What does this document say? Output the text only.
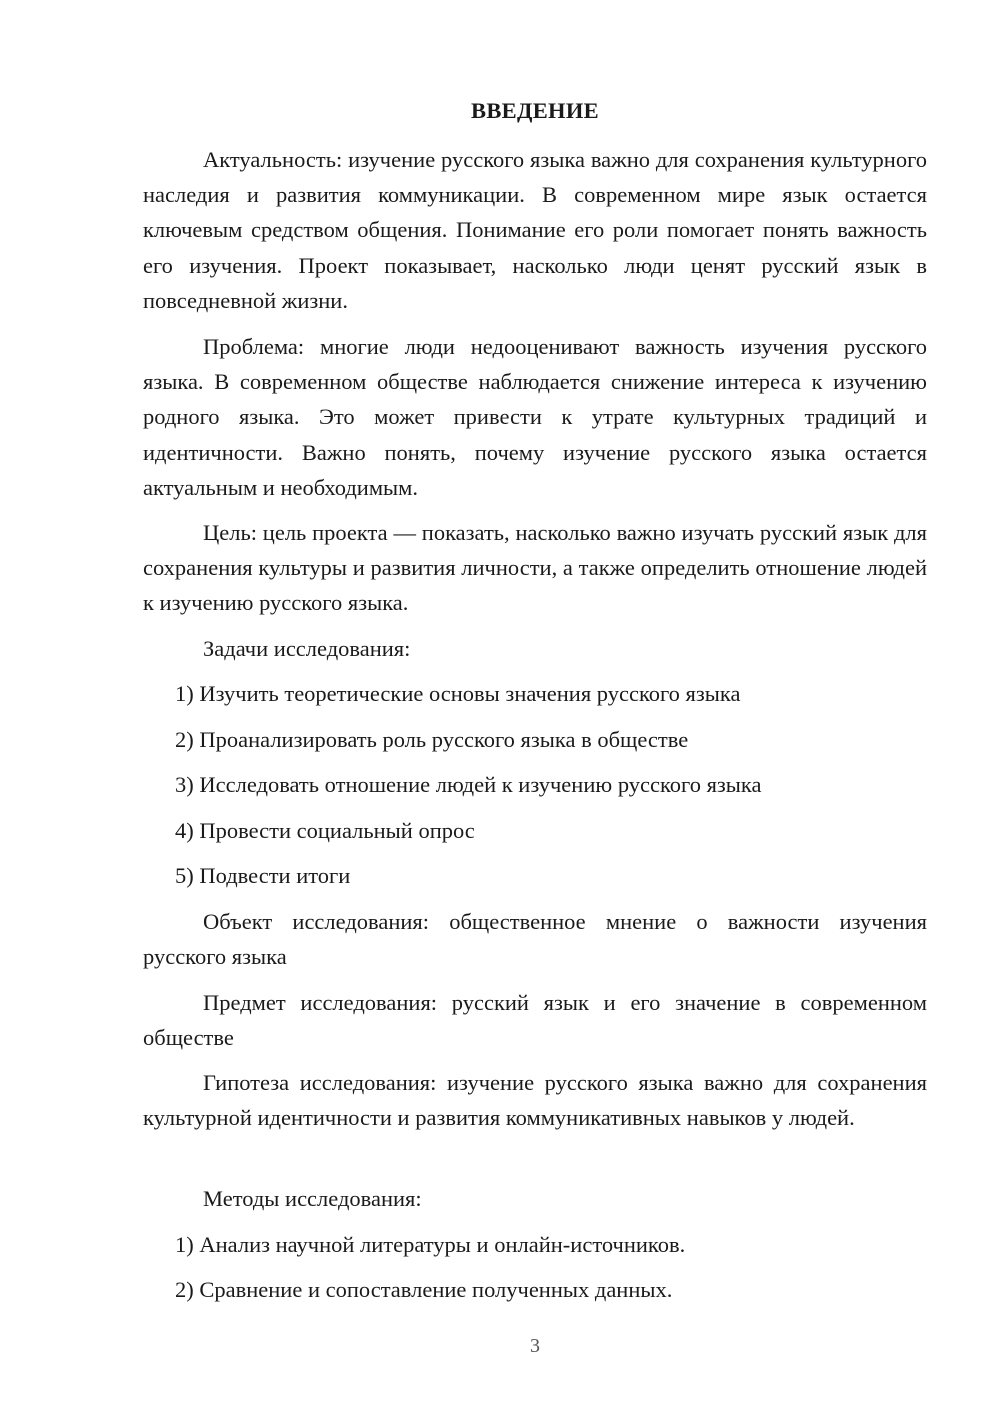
ВВЕДЕНИЕ

Актуальность: изучение русского языка важно для сохранения культурного наследия и развития коммуникации. В современном мире язык остается ключевым средством общения. Понимание его роли помогает понять важность его изучения. Проект показывает, насколько люди ценят русский язык в повседневной жизни.

Проблема: многие люди недооценивают важность изучения русского языка. В современном обществе наблюдается снижение интереса к изучению родного языка. Это может привести к утрате культурных традиций и идентичности. Важно понять, почему изучение русского языка остается актуальным и необходимым.

Цель: цель проекта — показать, насколько важно изучать русский язык для сохранения культуры и развития личности, а также определить отношение людей к изучению русского языка.

Задачи исследования:

1) Изучить теоретические основы значения русского языка

2) Проанализировать роль русского языка в обществе

3) Исследовать отношение людей к изучению русского языка

4) Провести социальный опрос

5) Подвести итоги

Объект исследования: общественное мнение о важности изучения русского языка

Предмет исследования: русский язык и его значение в современном обществе

Гипотеза исследования: изучение русского языка важно для сохранения культурной идентичности и развития коммуникативных навыков у людей.

Методы исследования:

1) Анализ научной литературы и онлайн-источников.

2) Сравнение и сопоставление полученных данных.

3
